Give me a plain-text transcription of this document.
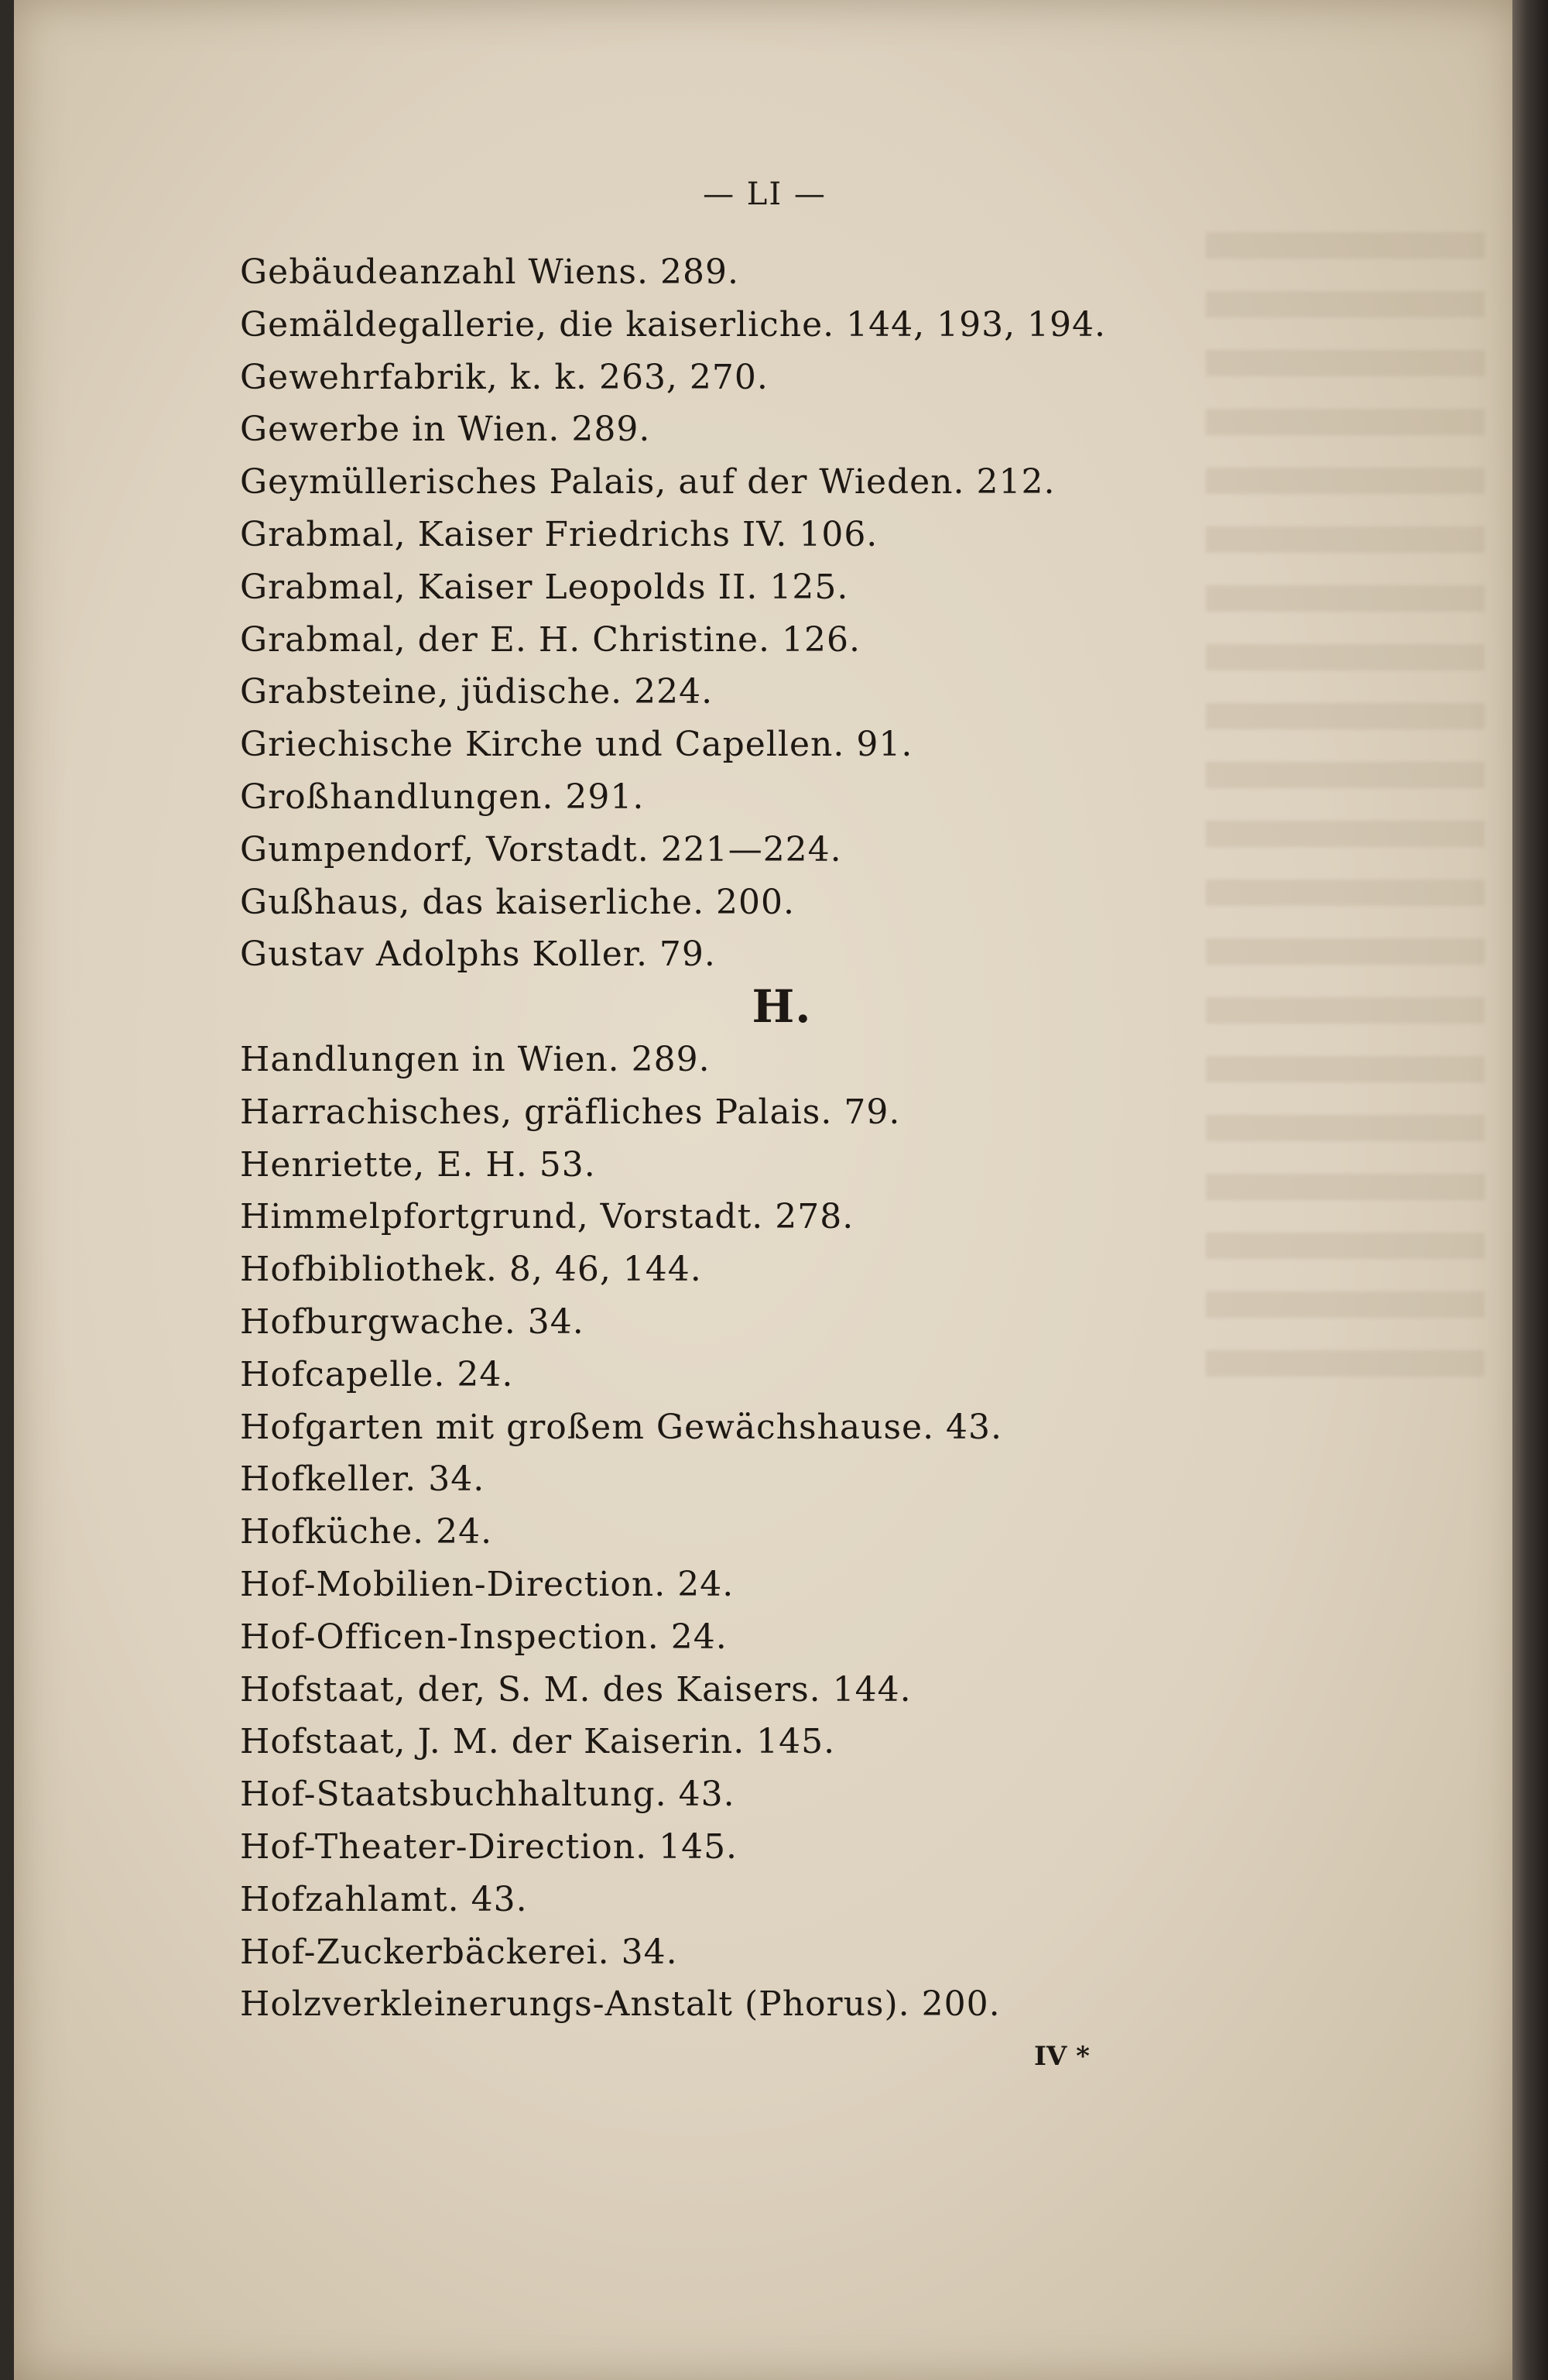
— LI —
Gebäudeanzahl Wiens. 289.
Gemäldegallerie, die kaiserliche. 144, 193, 194.
Gewehrfabrik, k. k. 263, 270.
Gewerbe in Wien. 289.
Geymüllerisches Palais, auf der Wieden. 212.
Grabmal, Kaiser Friedrichs IV. 106.
Grabmal, Kaiser Leopolds II. 125.
Grabmal, der E. H. Christine. 126.
Grabsteine, jüdische. 224.
Griechische Kirche und Capellen. 91.
Großhandlungen. 291.
Gumpendorf, Vorstadt. 221—224.
Gußhaus, das kaiserliche. 200.
Gustav Adolphs Koller. 79.
H.
Handlungen in Wien. 289.
Harrachisches, gräfliches Palais. 79.
Henriette, E. H. 53.
Himmelpfortgrund, Vorstadt. 278.
Hofbibliothek. 8, 46, 144.
Hofburgwache. 34.
Hofcapelle. 24.
Hofgarten mit großem Gewächshause. 43.
Hofkeller. 34.
Hofküche. 24.
Hof-Mobilien-Direction. 24.
Hof-Officen-Inspection. 24.
Hofstaat, der, S. M. des Kaisers. 144.
Hofstaat, J. M. der Kaiserin. 145.
Hof-Staatsbuchhaltung. 43.
Hof-Theater-Direction. 145.
Hofzahlamt. 43.
Hof-Zuckerbäckerei. 34.
Holzverkleinerungs-Anstalt (Phorus). 200.
IV *
